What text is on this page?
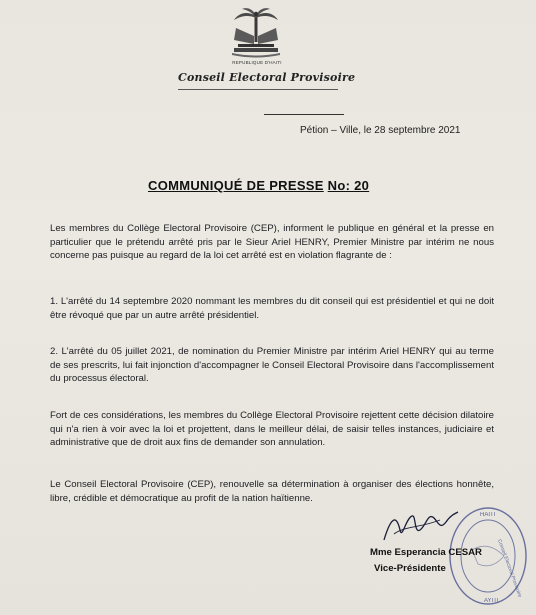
REPUBLIQUE D'HAITI
Conseil Electoral Provisoire
Pétion – Ville, le 28 septembre 2021
COMMUNIQUÉ DE PRESSE No: 20
Les membres du Collège Electoral Provisoire (CEP), informent le publique en général et la presse en particulier que le prétendu arrêté pris par le Sieur Ariel HENRY, Premier Ministre par intérim ne nous concerne pas puisque au regard de la loi cet arrêté est en violation flagrante de :
1. L'arrêté du 14 septembre 2020 nommant les membres du dit conseil qui est présidentiel et qui ne doit être révoqué que par un autre arrêté présidentiel.
2. L'arrêté du 05 juillet 2021, de nomination du Premier Ministre par intérim Ariel HENRY qui au terme de ses prescrits, lui fait injonction d'accompagner le Conseil Electoral Provisoire dans l'accomplissement du processus électoral.
Fort de ces considérations, les membres du Collège Electoral Provisoire rejettent cette décision dilatoire qui n'a rien à voir avec la loi et projettent, dans le meilleur délai, de saisir telles instances, judiciaire et administrative que de droit aux fins de demander son annulation.
Le Conseil Electoral Provisoire (CEP), renouvelle sa détermination à organiser des élections honnête, libre, crédible et démocratique au profit de la nation haïtienne.
HAITI
Conseil Electoral Provisoire
AYITI
Mme Esperancia CESAR
Vice-Présidente
